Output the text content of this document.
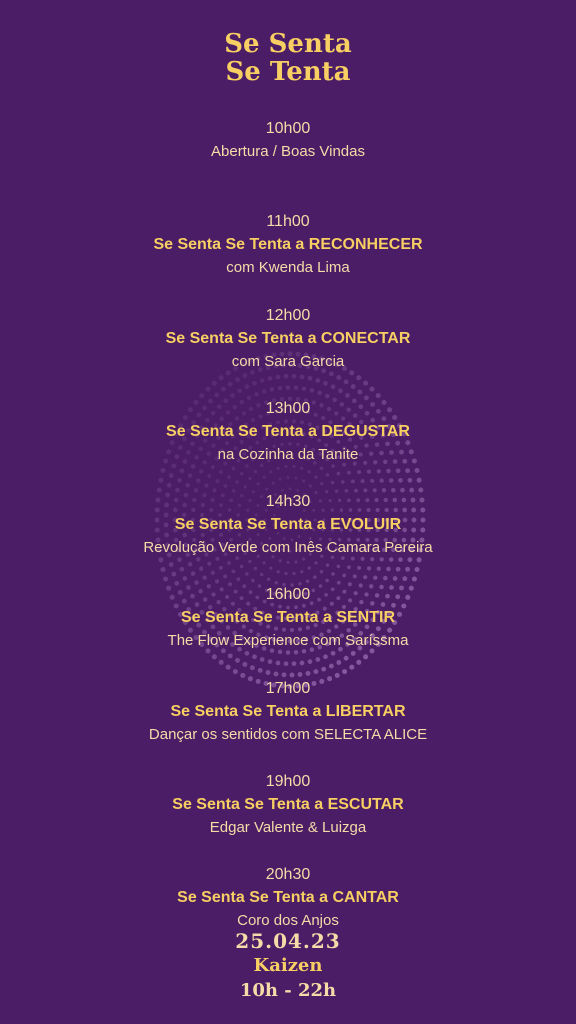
Se Senta
Se Tenta
10h00
Abertura / Boas Vindas
11h00
Se Senta Se Tenta a RECONHECER
com Kwenda Lima
12h00
Se Senta Se Tenta a CONECTAR
com Sara Garcia
13h00
Se Senta Se Tenta a DEGUSTAR
na Cozinha da Tanite
14h30
Se Senta Se Tenta a EVOLUIR
Revolução Verde com Inês Camara Pereira
16h00
Se Senta Se Tenta a SENTIR
The Flow Experience com Saríssma
17h00
Se Senta Se Tenta a LIBERTAR
Dançar os sentidos com SELECTA ALICE
19h00
Se Senta Se Tenta a ESCUTAR
Edgar Valente & Luizga
20h30
Se Senta Se Tenta a CANTAR
Coro dos Anjos
25.04.23
Kaizen
10h - 22h
